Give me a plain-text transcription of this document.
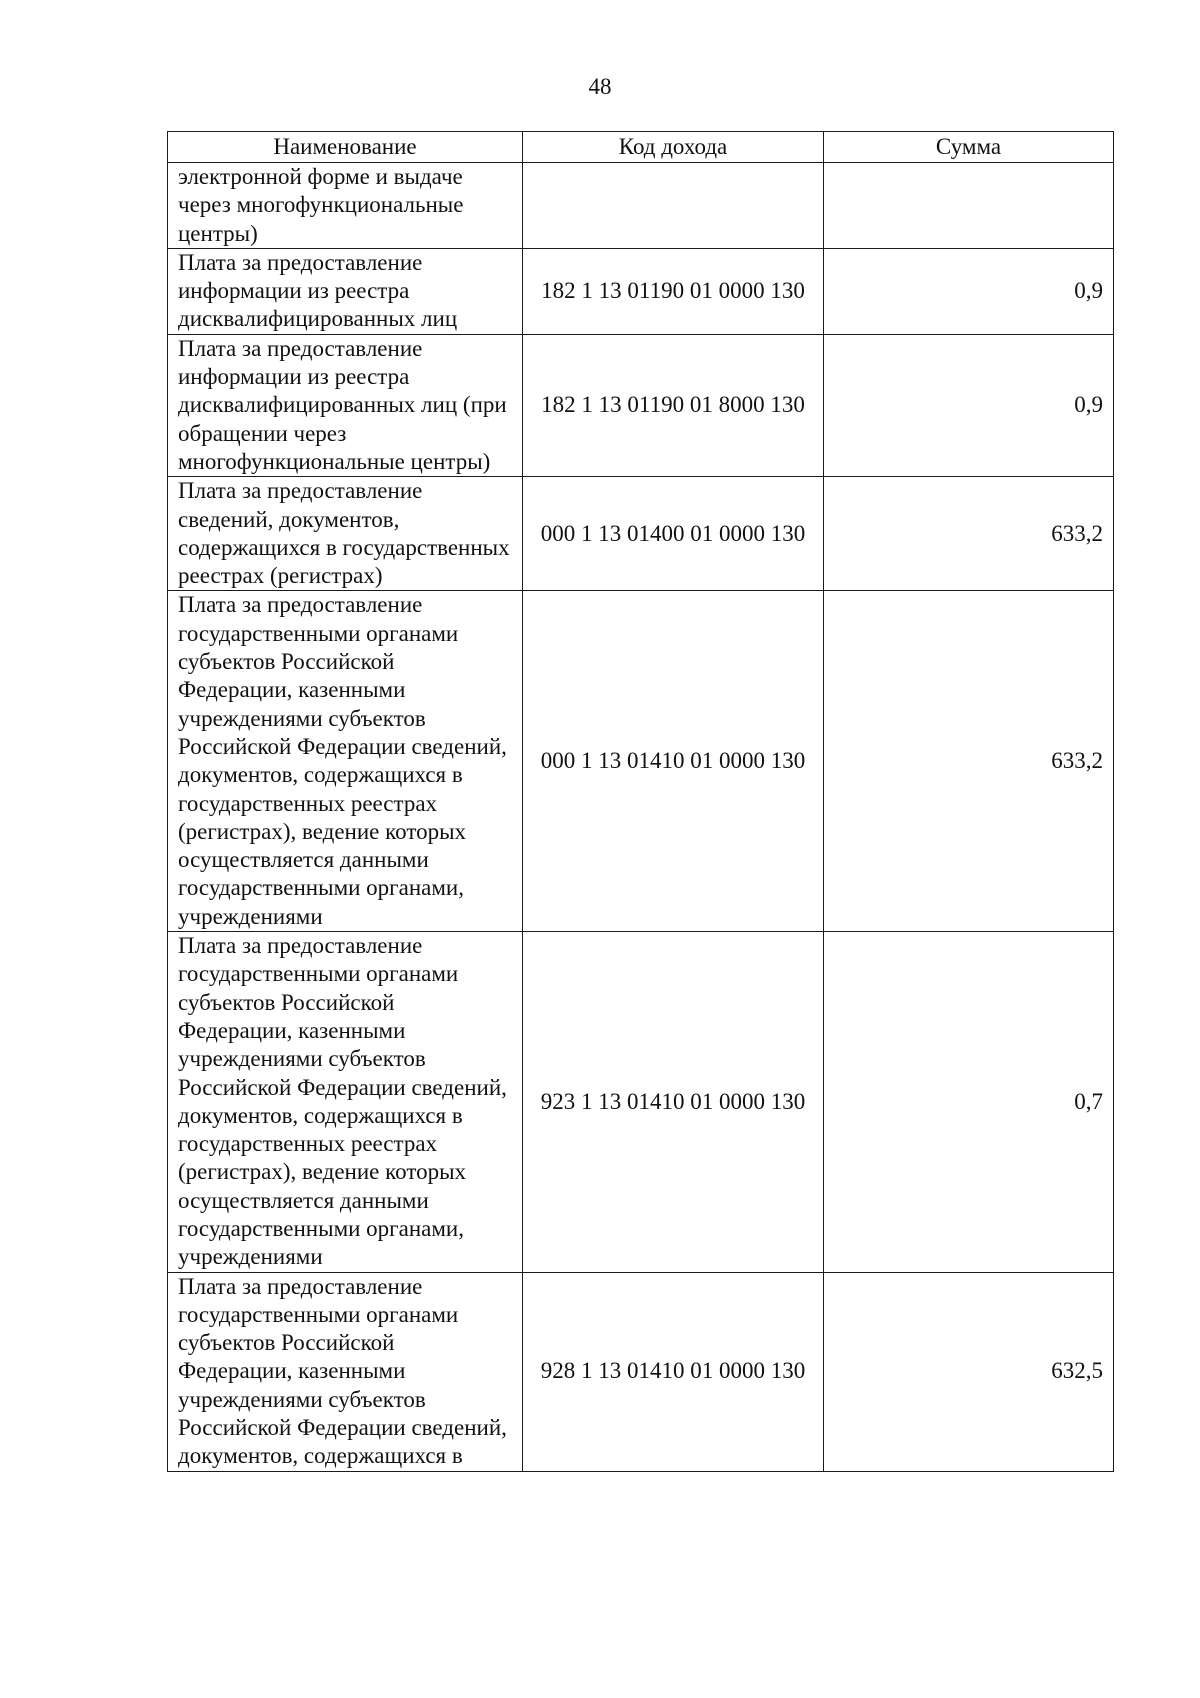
48
Наименование	Код дохода	Сумма
электронной форме и выдаче через многофункциональные центры)		
Плата за предоставление информации из реестра дисквалифицированных лиц	182 1 13 01190 01 0000 130	0,9
Плата за предоставление информации из реестра дисквалифицированных лиц (при обращении через многофункциональные центры)	182 1 13 01190 01 8000 130	0,9
Плата за предоставление сведений, документов, содержащихся в государственных реестрах (регистрах)	000 1 13 01400 01 0000 130	633,2
Плата за предоставление государственными органами субъектов Российской Федерации, казенными учреждениями субъектов Российской Федерации сведений, документов, содержащихся в государственных реестрах (регистрах), ведение которых осуществляется данными государственными органами, учреждениями	000 1 13 01410 01 0000 130	633,2
Плата за предоставление государственными органами субъектов Российской Федерации, казенными учреждениями субъектов Российской Федерации сведений, документов, содержащихся в государственных реестрах (регистрах), ведение которых осуществляется данными государственными органами, учреждениями	923 1 13 01410 01 0000 130	0,7
Плата за предоставление государственными органами субъектов Российской Федерации, казенными учреждениями субъектов Российской Федерации сведений, документов, содержащихся в	928 1 13 01410 01 0000 130	632,5
